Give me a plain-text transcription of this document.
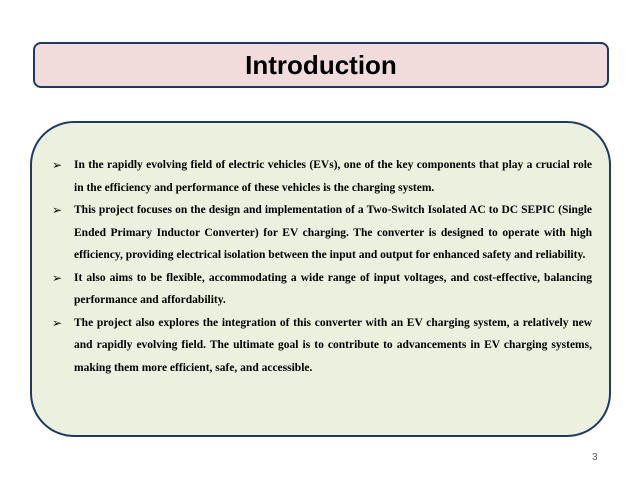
Introduction
➢ In the rapidly evolving field of electric vehicles (EVs), one of the key components that play a crucial role in the efficiency and performance of these vehicles is the charging system.
➢ This project focuses on the design and implementation of a Two-Switch Isolated AC to DC SEPIC (Single Ended Primary Inductor Converter) for EV charging. The converter is designed to operate with high efficiency, providing electrical isolation between the input and output for enhanced safety and reliability.
➢ It also aims to be flexible, accommodating a wide range of input voltages, and cost-effective, balancing performance and affordability.
➢ The project also explores the integration of this converter with an EV charging system, a relatively new and rapidly evolving field. The ultimate goal is to contribute to advancements in EV charging systems, making them more efficient, safe, and accessible.
3
